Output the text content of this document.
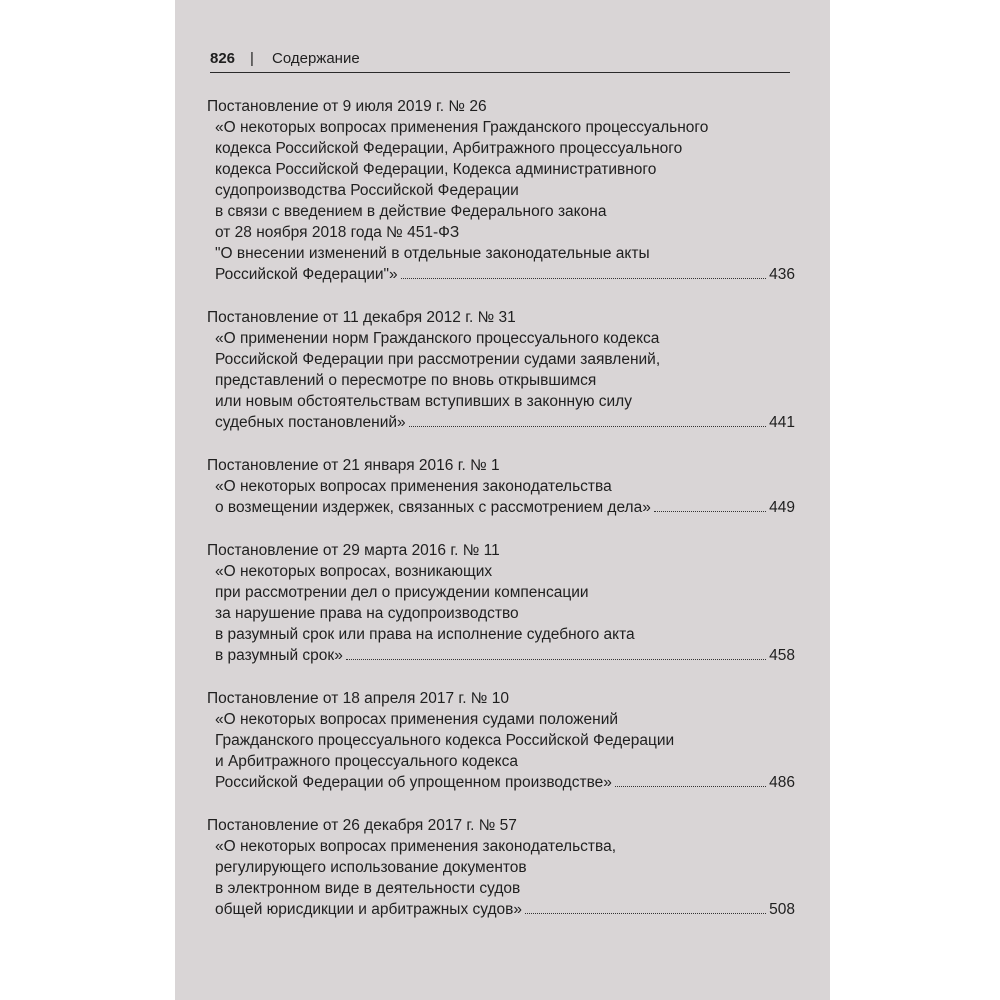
826 | Содержание
Постановление от 9 июля 2019 г. № 26
«О некоторых вопросах применения Гражданского процессуального
кодекса Российской Федерации, Арбитражного процессуального
кодекса Российской Федерации, Кодекса административного
судопроизводства Российской Федерации
в связи с введением в действие Федерального закона
от 28 ноября 2018 года № 451-ФЗ
"О внесении изменений в отдельные законодательные акты
Российской Федерации"»	436
Постановление от 11 декабря 2012 г. № 31
«О применении норм Гражданского процессуального кодекса
Российской Федерации при рассмотрении судами заявлений,
представлений о пересмотре по вновь открывшимся
или новым обстоятельствам вступивших в законную силу
судебных постановлений»	441
Постановление от 21 января 2016 г. № 1
«О некоторых вопросах применения законодательства
о возмещении издержек, связанных с рассмотрением дела»	449
Постановление от 29 марта 2016 г. № 11
«О некоторых вопросах, возникающих
при рассмотрении дел о присуждении компенсации
за нарушение права на судопроизводство
в разумный срок или права на исполнение судебного акта
в разумный срок»	458
Постановление от 18 апреля 2017 г. № 10
«О некоторых вопросах применения судами положений
Гражданского процессуального кодекса Российской Федерации
и Арбитражного процессуального кодекса
Российской Федерации об упрощенном производстве»	486
Постановление от 26 декабря 2017 г. № 57
«О некоторых вопросах применения законодательства,
регулирующего использование документов
в электронном виде в деятельности судов
общей юрисдикции и арбитражных судов»	508
